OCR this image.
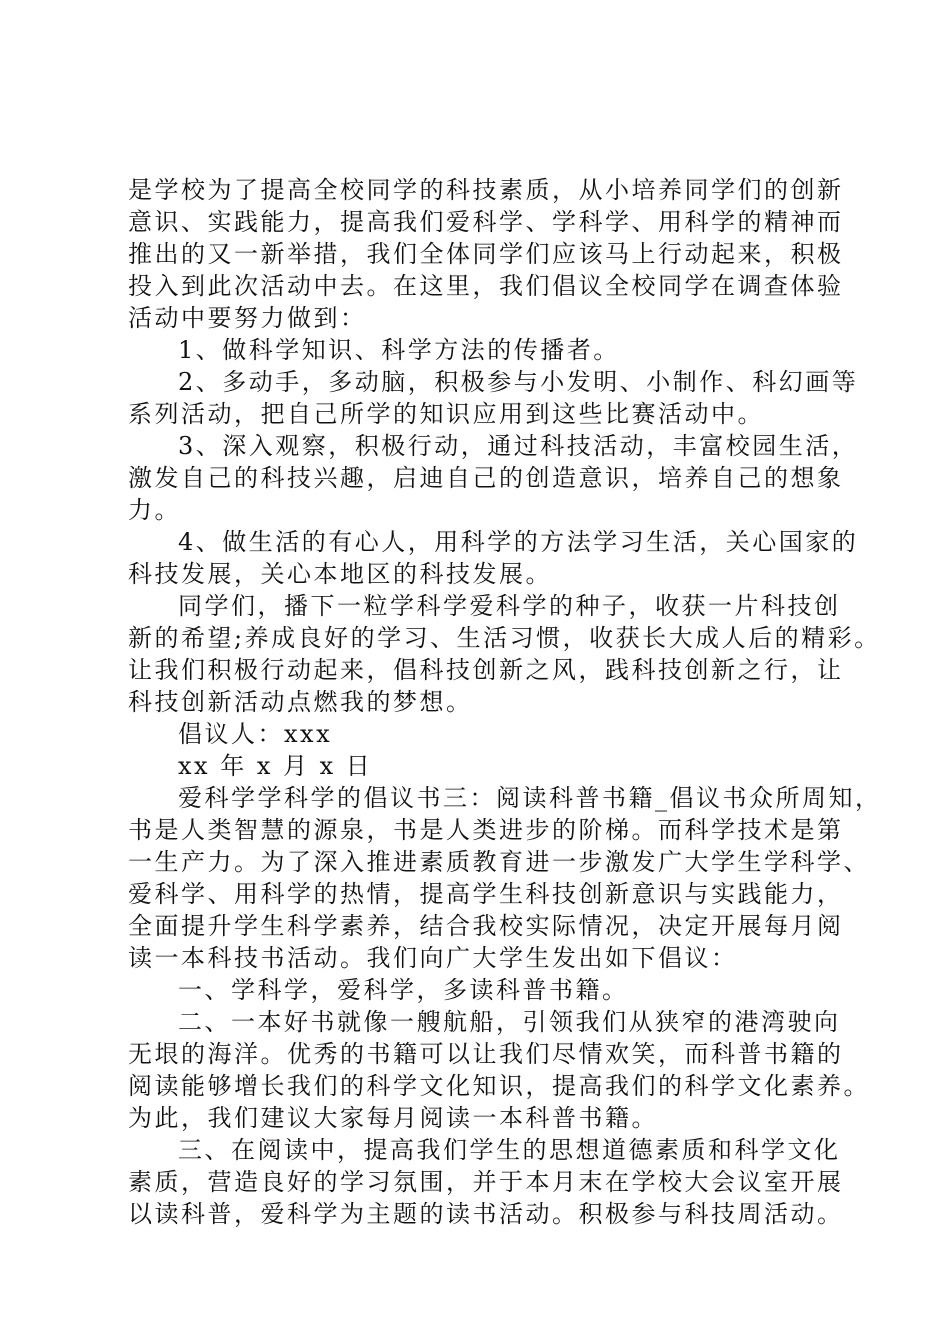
是学校为了提高全校同学的科技素质，从小培养同学们的创新
意识、实践能力，提高我们爱科学、学科学、用科学的精神而
推出的又一新举措，我们全体同学们应该马上行动起来，积极
投入到此次活动中去。在这里，我们倡议全校同学在调查体验
活动中要努力做到：
1、做科学知识、科学方法的传播者。
2、多动手，多动脑，积极参与小发明、小制作、科幻画等
系列活动，把自己所学的知识应用到这些比赛活动中。
3、深入观察，积极行动，通过科技活动，丰富校园生活，
激发自己的科技兴趣，启迪自己的创造意识，培养自己的想象
力。
4、做生活的有心人，用科学的方法学习生活，关心国家的
科技发展，关心本地区的科技发展。
同学们，播下一粒学科学爱科学的种子，收获一片科技创
新的希望;养成良好的学习、生活习惯，收获长大成人后的精彩。
让我们积极行动起来，倡科技创新之风，践科技创新之行，让
科技创新活动点燃我的梦想。
倡议人：xxx
xx 年 x 月 x 日
爱科学学科学的倡议书三：阅读科普书籍_倡议书众所周知，
书是人类智慧的源泉，书是人类进步的阶梯。而科学技术是第
一生产力。为了深入推进素质教育进一步激发广大学生学科学、
爱科学、用科学的热情，提高学生科技创新意识与实践能力，
全面提升学生科学素养，结合我校实际情况，决定开展每月阅
读一本科技书活动。我们向广大学生发出如下倡议：
一、学科学，爱科学，多读科普书籍。
二、一本好书就像一艘航船，引领我们从狭窄的港湾驶向
无垠的海洋。优秀的书籍可以让我们尽情欢笑，而科普书籍的
阅读能够增长我们的科学文化知识，提高我们的科学文化素养。
为此，我们建议大家每月阅读一本科普书籍。
三、在阅读中，提高我们学生的思想道德素质和科学文化
素质，营造良好的学习氛围，并于本月末在学校大会议室开展
以读科普，爱科学为主题的读书活动。积极参与科技周活动。
